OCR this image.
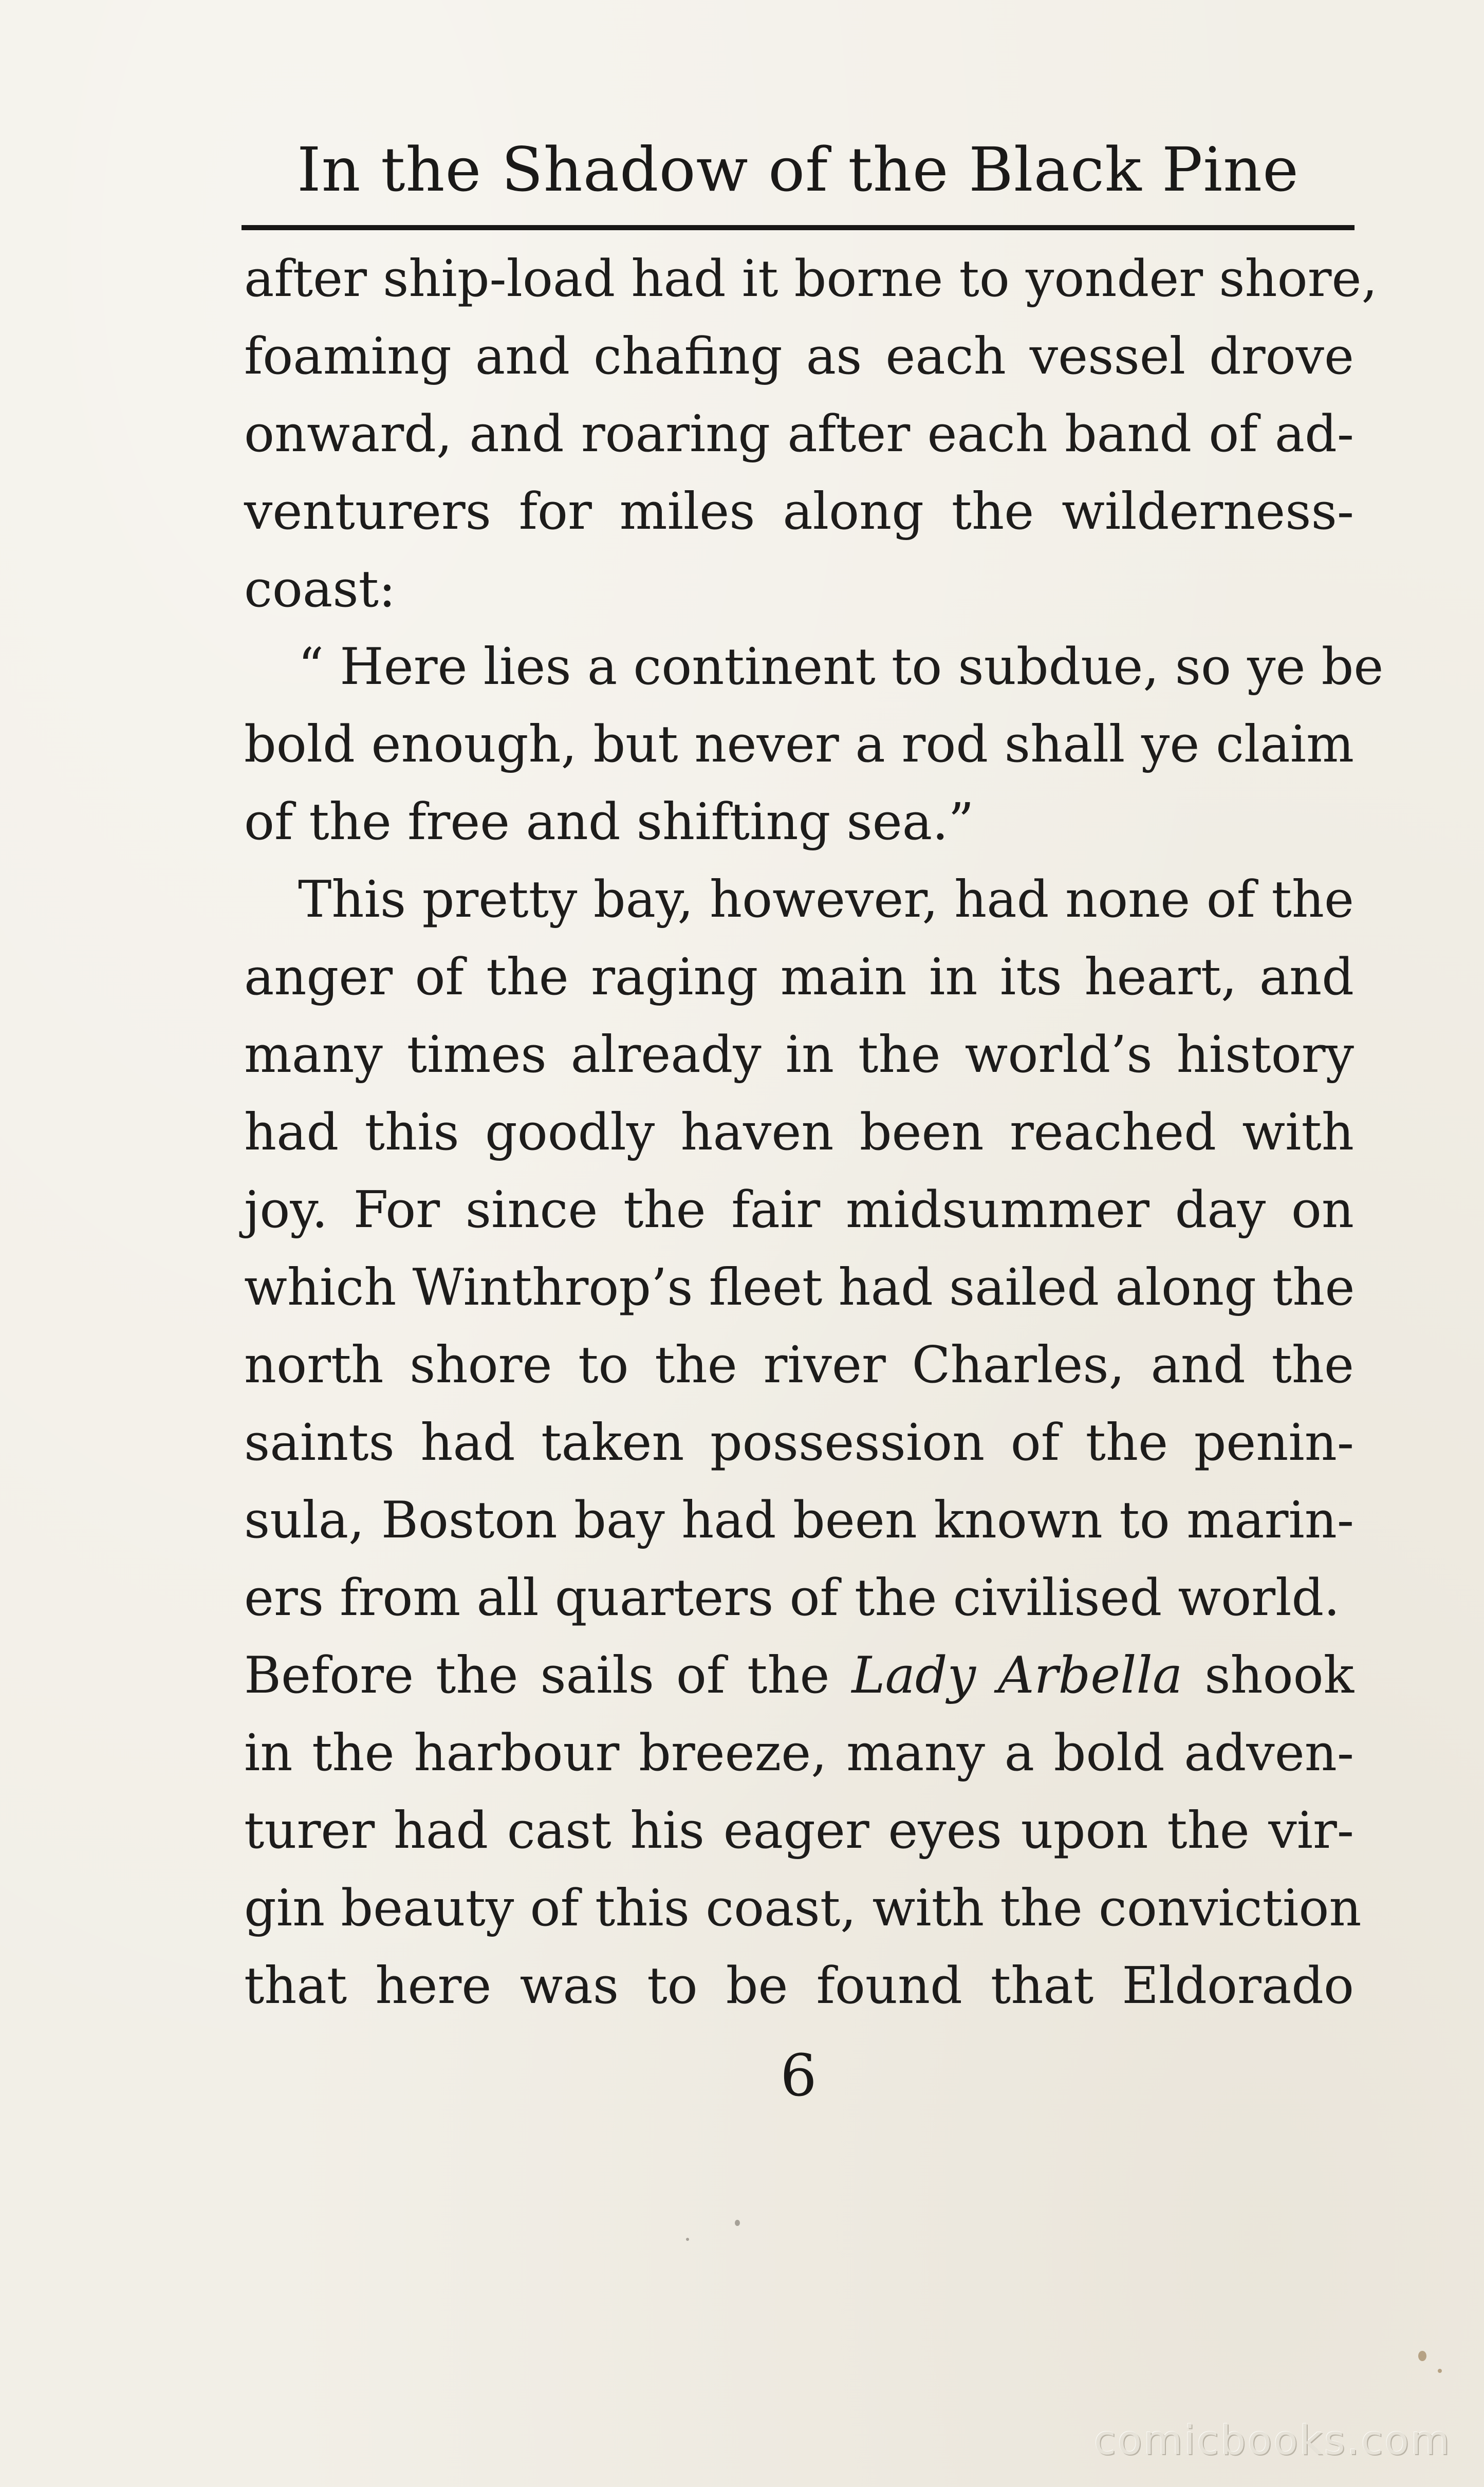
In the Shadow of the Black Pine
after ship-load had it borne to yonder shore,
foaming and chafing as each vessel drove
onward, and roaring after each band of ad-
venturers for miles along the wilderness-
coast:
“ Here lies a continent to subdue, so ye be
bold enough, but never a rod shall ye claim
of the free and shifting sea.”
This pretty bay, however, had none of the
anger of the raging main in its heart, and
many times already in the world’s history
had this goodly haven been reached with
joy. For since the fair midsummer day on
which Winthrop’s fleet had sailed along the
north shore to the river Charles, and the
saints had taken possession of the penin-
sula, Boston bay had been known to marin-
ers from all quarters of the civilised world.
Before the sails of the Lady Arbella shook
in the harbour breeze, many a bold adven-
turer had cast his eager eyes upon the vir-
gin beauty of this coast, with the conviction
that here was to be found that Eldorado
6
comicbooks.com
